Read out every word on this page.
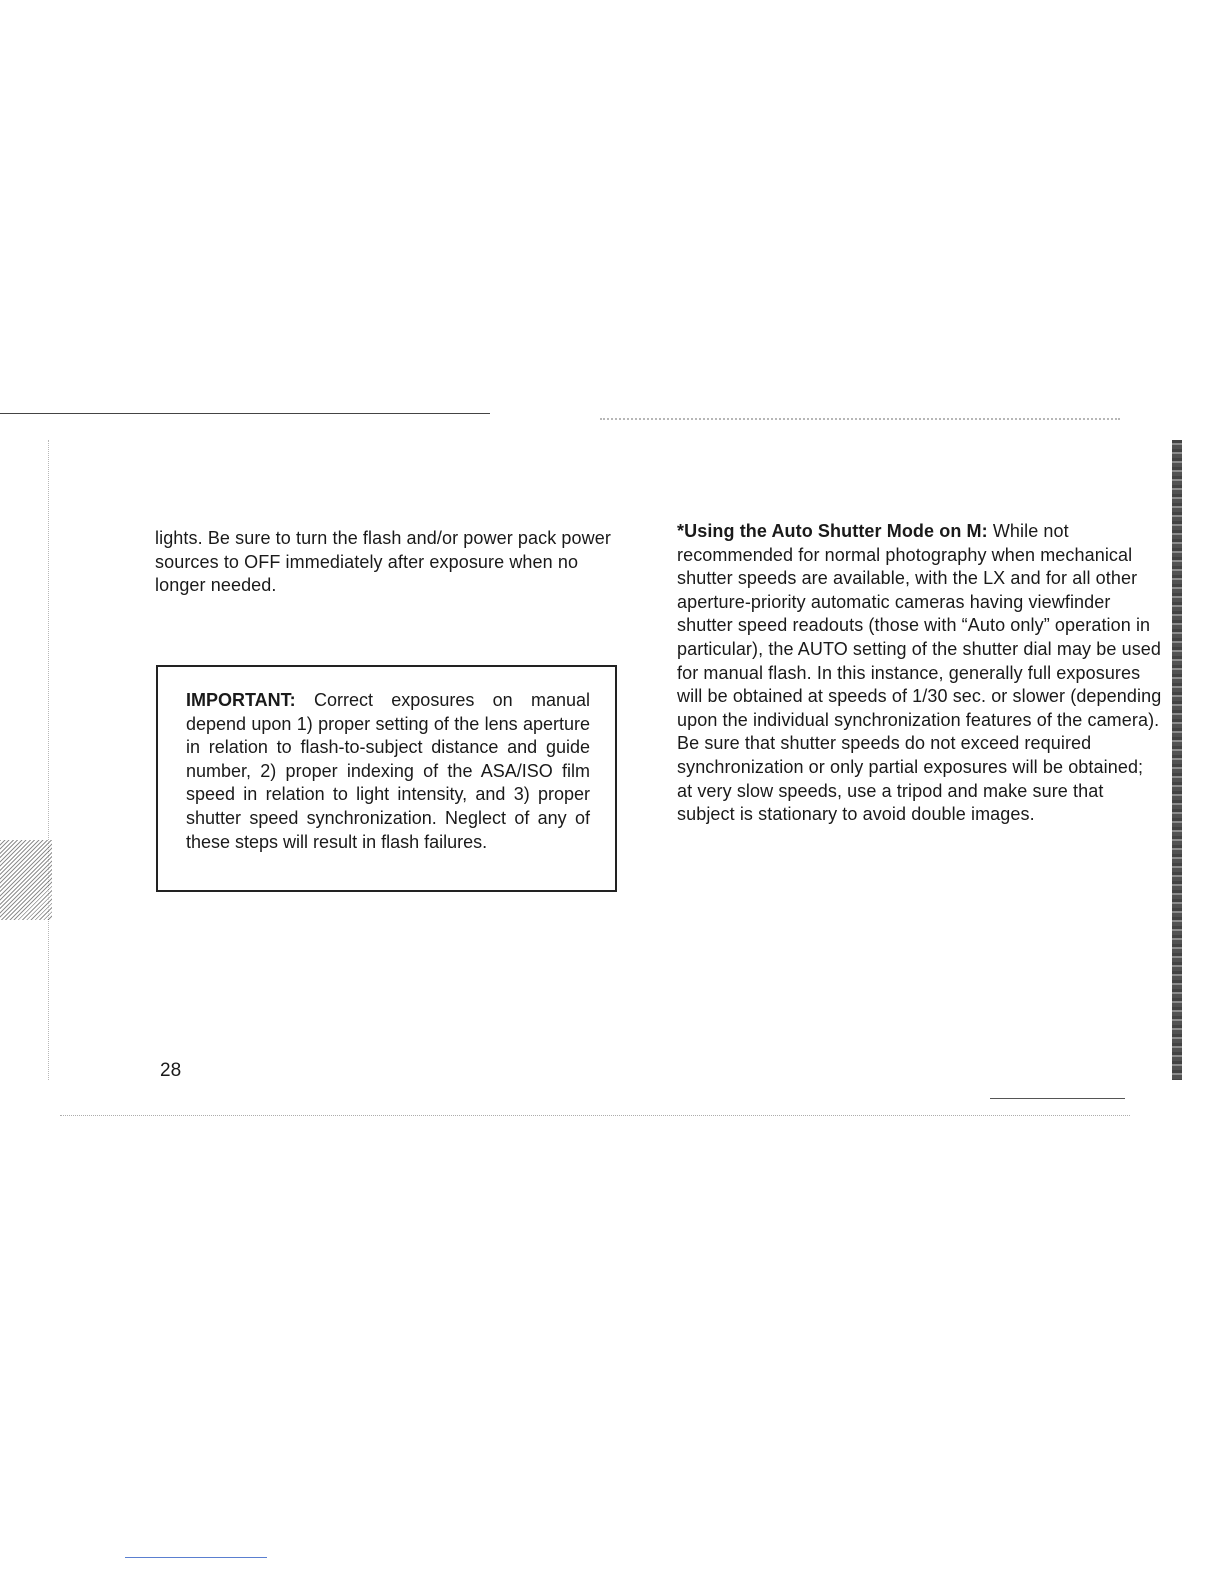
lights. Be sure to turn the flash and/or power pack power sources to OFF immediately after exposure when no longer needed.

IMPORTANT: Correct exposures on manual depend upon 1) proper setting of the lens aperture in relation to flash-to-subject distance and guide number, 2) proper indexing of the ASA/ISO film speed in relation to light intensity, and 3) proper shutter speed synchronization. Neglect of any of these steps will result in flash failures.

*Using the Auto Shutter Mode on M: While not recommended for normal photography when mechanical shutter speeds are available, with the LX and for all other aperture-priority automatic cameras having viewfinder shutter speed readouts (those with “Auto only” operation in particular), the AUTO setting of the shutter dial may be used for manual flash. In this instance, generally full exposures will be obtained at speeds of 1/30 sec. or slower (depending upon the individual synchronization features of the camera). Be sure that shutter speeds do not exceed required synchronization or only partial exposures will be obtained; at very slow speeds, use a tripod and make sure that subject is stationary to avoid double images.

28
